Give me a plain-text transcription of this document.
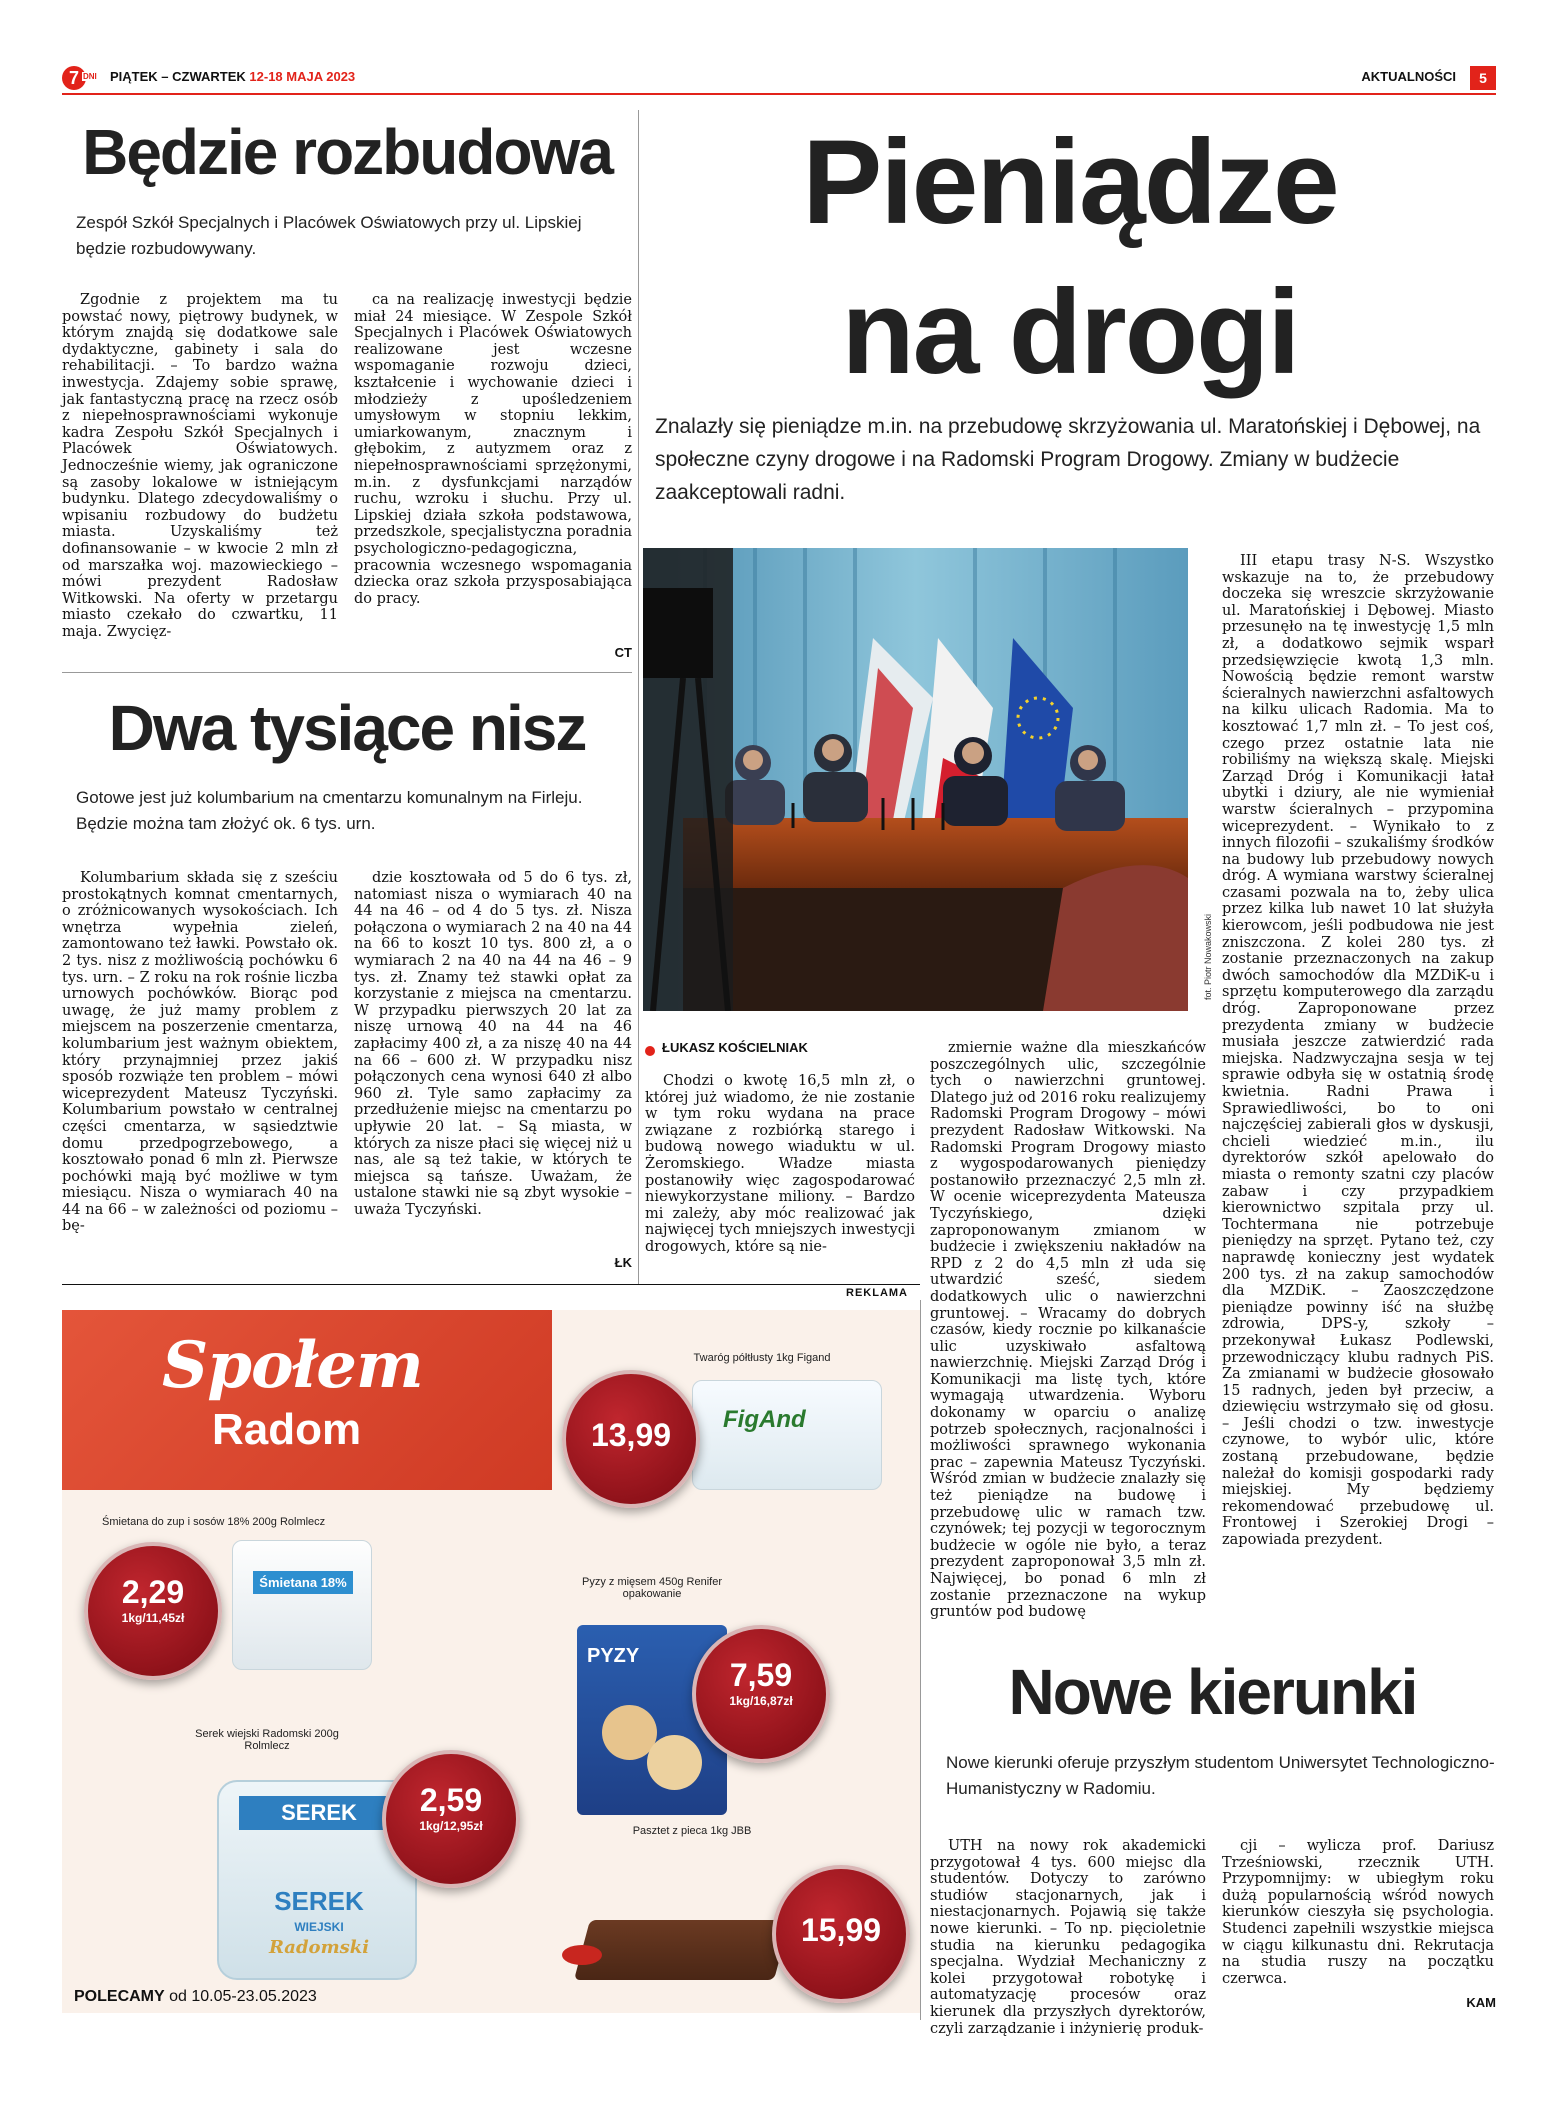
7 DNI PIĄTEK – CZWARTEK 12-18 MAJA 2023	AKTUALNOŚCI	5
Będzie rozbudowa
Zespół Szkół Specjalnych i Placówek Oświatowych przy ul. Lipskiej będzie rozbudowywany.

Zgodnie z projektem ma tu powstać nowy, piętrowy budynek, w którym znajdą się dodatkowe sale dydaktyczne, gabinety i sala do rehabilitacji. – To bardzo ważna inwestycja. Zdajemy sobie sprawę, jak fantastyczną pracę na rzecz osób z niepełnosprawnościami wykonuje kadra Zespołu Szkół Specjalnych i Placówek Oświatowych. Jednocześnie wiemy, jak ograniczone są zasoby lokalowe w istniejącym budynku. Dlatego zdecydowaliśmy o wpisaniu rozbudowy do budżetu miasta. Uzyskaliśmy też dofinansowanie – w kwocie 2 mln zł od marszałka woj. mazowieckiego – mówi prezydent Radosław Witkowski. Na oferty w przetargu miasto czekało do czwartku, 11 maja. Zwycięz-

ca na realizację inwestycji będzie miał 24 miesiące. W Zespole Szkół Specjalnych i Placówek Oświatowych realizowane jest wczesne wspomaganie rozwoju dzieci, kształcenie i wychowanie dzieci i młodzieży z upośledzeniem umysłowym w stopniu lekkim, umiarkowanym, znacznym i głębokim, z autyzmem oraz z niepełnosprawnościami sprzężonymi, m.in. z dysfunkcjami narządów ruchu, wzroku i słuchu. Przy ul. Lipskiej działa szkoła podstawowa, przedszkole, specjalistyczna poradnia psychologiczno-pedagogiczna, pracownia wczesnego wspomagania dziecka oraz szkoła przysposabiająca do pracy.

CT
Dwa tysiące nisz
Gotowe jest już kolumbarium na cmentarzu komunalnym na Firleju. Będzie można tam złożyć ok. 6 tys. urn.

Kolumbarium składa się z sześciu prostokątnych komnat cmentarnych, o zróżnicowanych wysokościach. Ich wnętrza wypełnia zieleń, zamontowano też ławki. Powstało ok. 2 tys. nisz z możliwością pochówku 6 tys. urn. – Z roku na rok rośnie liczba urnowych pochówków. Biorąc pod uwagę, że już mamy problem z miejscem na poszerzenie cmentarza, kolumbarium jest ważnym obiektem, który przynajmniej przez jakiś sposób rozwiąże ten problem – mówi wiceprezydent Mateusz Tyczyński. Kolumbarium powstało w centralnej części cmentarza, w sąsiedztwie domu przedpogrzebowego, a kosztowało ponad 6 mln zł. Pierwsze pochówki mają być możliwe w tym miesiącu. Nisza o wymiarach 40 na 44 na 66 – w zależności od poziomu – bę-

dzie kosztowała od 5 do 6 tys. zł, natomiast nisza o wymiarach 40 na 44 na 46 – od 4 do 5 tys. zł. Nisza połączona o wymiarach 2 na 40 na 44 na 66 to koszt 10 tys. 800 zł, a o wymiarach 2 na 40 na 44 na 46 – 9 tys. zł. Znamy też stawki opłat za korzystanie z miejsca na cmentarzu. W przypadku pierwszych 20 lat za niszę urnową 40 na 44 na 46 zapłacimy 400 zł, a za niszę 40 na 44 na 66 – 600 zł. W przypadku nisz połączonych cena wynosi 640 zł albo 960 zł. Tyle samo zapłacimy za przedłużenie miejsc na cmentarzu po upływie 20 lat. – Są miasta, w których za nisze płaci się więcej niż u nas, ale są też takie, w których te miejsca są tańsze. Uważam, że ustalone stawki nie są zbyt wysokie – uważa Tyczyński.

ŁK
Pieniądze
na drogi
Znalazły się pieniądze m.in. na przebudowę skrzyżowania ul. Maratońskiej i Dębowej, na społeczne czyny drogowe i na Radomski Program Drogowy. Zmiany w budżecie zaakceptowali radni.
fot. Piotr Nowakowski
ŁUKASZ KOŚCIELNIAK

Chodzi o kwotę 16,5 mln zł, o której już wiadomo, że nie zostanie w tym roku wydana na prace związane z rozbiórką starego i budową nowego wiaduktu w ul. Żeromskiego. Władze miasta postanowiły więc zagospodarować niewykorzystane miliony. – Bardzo mi zależy, aby móc realizować jak najwięcej tych mniejszych inwestycji drogowych, które są nie-

zmiernie ważne dla mieszkańców poszczególnych ulic, szczególnie tych o nawierzchni gruntowej. Dlatego już od 2016 roku realizujemy Radomski Program Drogowy – mówi prezydent Radosław Witkowski. Na Radomski Program Drogowy miasto z wygospodarowanych pieniędzy postanowiło przeznaczyć 2,5 mln zł. W ocenie wiceprezydenta Mateusza Tyczyńskiego, dzięki zaproponowanym zmianom w budżecie i zwiększeniu nakładów na RPD z 2 do 4,5 mln zł uda się utwardzić sześć, siedem dodatkowych ulic o nawierzchni gruntowej. – Wracamy do dobrych czasów, kiedy rocznie po kilkanaście ulic uzyskiwało asfaltową nawierzchnię. Miejski Zarząd Dróg i Komunikacji ma listę tych, które wymagają utwardzenia. Wyboru dokonamy w oparciu o analizę potrzeb społecznych, racjonalności i możliwości sprawnego wykonania prac – zapewnia Mateusz Tyczyński. Wśród zmian w budżecie znalazły się też pieniądze na budowę i przebudowę ulic w ramach tzw. czynówek; tej pozycji w tegorocznym budżecie w ogóle nie było, a teraz prezydent zaproponował 3,5 mln zł. Najwięcej, bo ponad 6 mln zł zostanie przeznaczone na wykup gruntów pod budowę

III etapu trasy N-S. Wszystko wskazuje na to, że przebudowy doczeka się wreszcie skrzyżowanie ul. Maratońskiej i Dębowej. Miasto przesunęło na tę inwestycję 1,5 mln zł, a dodatkowo sejmik wsparł przedsięwzięcie kwotą 1,3 mln. Nowością będzie remont warstw ścieralnych nawierzchni asfaltowych na kilku ulicach Radomia. Ma to kosztować 1,7 mln zł. – To jest coś, czego przez ostatnie lata nie robiliśmy na większą skalę. Miejski Zarząd Dróg i Komunikacji łatał ubytki i dziury, ale nie wymieniał warstw ścieralnych – przypomina wiceprezydent. – Wynikało to z innych filozofii – szukaliśmy środków na budowy lub przebudowy nowych dróg. A wymiana warstwy ścieralnej czasami pozwala na to, żeby ulica przez kilka lub nawet 10 lat służyła kierowcom, jeśli podbudowa nie jest zniszczona. Z kolei 280 tys. zł zostanie przeznaczonych na zakup dwóch samochodów dla MZDiK-u i sprzętu komputerowego dla zarządu dróg. Zaproponowane przez prezydenta zmiany w budżecie musiała jeszcze zatwierdzić rada miejska. Nadzwyczajna sesja w tej sprawie odbyła się w ostatnią środę kwietnia. Radni Prawa i Sprawiedliwości, bo to oni najczęściej zabierali głos w dyskusji, chcieli wiedzieć m.in., ilu dyrektorów szkół apelowało do miasta o remonty szatni czy placów zabaw i czy przypadkiem kierownictwo szpitala przy ul. Tochtermana nie potrzebuje pieniędzy na sprzęt. Pytano też, czy naprawdę konieczny jest wydatek 200 tys. zł na zakup samochodów dla MZDiK. – Zaoszczędzone pieniądze powinny iść na służbę zdrowia, DPS-y, szkoły – przekonywał Łukasz Podlewski, przewodniczący klubu radnych PiS. Za zmianami w budżecie głosowało 15 radnych, jeden był przeciw, a dziewięciu wstrzymało się od głosu. – Jeśli chodzi o tzw. inwestycje czynowe, to wybór ulic, które zostaną przebudowane, będzie należał do komisji gospodarki rady miejskiej. My będziemy rekomendować przebudowę ul. Frontowej i Szerokiej Drogi – zapowiada prezydent.

REKLAMA
Społem
Radom
Twaróg półtłusty 1kg Figand
FigAnd
13,99
Śmietana do zup i sosów 18% 200g Rolmlecz
Śmietana 18%
2,29
1kg/11,45zł
Pyzy z mięsem 450g Renifer opakowanie
PYZY
7,59
1kg/16,87zł
Serek wiejski Radomski 200g Rolmlecz
SEREK
SEREK
WIEJSKI
Radomski
2,59
1kg/12,95zł	Pasztet z pieca 1kg JBB
15,99
POLECAMY od 10.05-23.05.2023
Nowe kierunki
Nowe kierunki oferuje przyszłym studentom Uniwersytet Technologiczno-Humanistyczny w Radomiu.

UTH na nowy rok akademicki przygotował 4 tys. 600 miejsc dla studentów. Dotyczy to zarówno studiów stacjonarnych, jak i niestacjonarnych. Pojawią się także nowe kierunki. – To np. pięcioletnie studia na kierunku pedagogika specjalna. Wydział Mechaniczny z kolei przygotował robotykę i automatyzację procesów oraz kierunek dla przyszłych dyrektorów, czyli zarządzanie i inżynierię produk-

cji – wylicza prof. Dariusz Trześniowski, rzecznik UTH. Przypomnijmy: w ubiegłym roku dużą popularnością wśród nowych kierunków cieszyła się psychologia. Studenci zapełnili wszystkie miejsca w ciągu kilkunastu dni. Rekrutacja na studia ruszy na początku czerwca.

KAM
